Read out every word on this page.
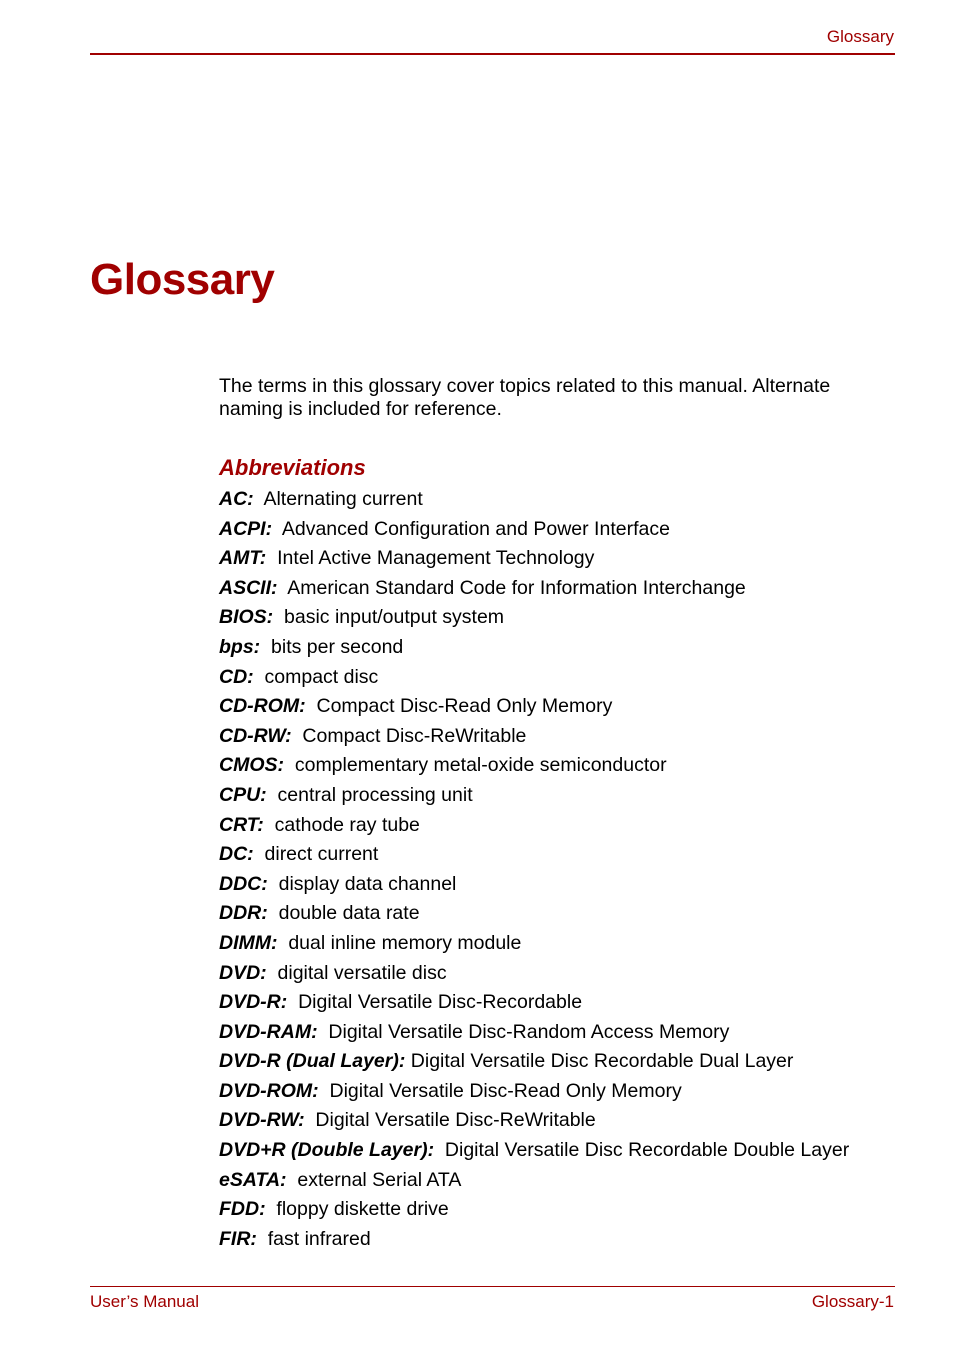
Glossary
Glossary

The terms in this glossary cover topics related to this manual. Alternate naming is included for reference.

Abbreviations
AC: Alternating current
ACPI: Advanced Configuration and Power Interface
AMT: Intel Active Management Technology
ASCII: American Standard Code for Information Interchange
BIOS: basic input/output system
bps: bits per second
CD: compact disc
CD-ROM: Compact Disc-Read Only Memory
CD-RW: Compact Disc-ReWritable
CMOS: complementary metal-oxide semiconductor
CPU: central processing unit
CRT: cathode ray tube
DC: direct current
DDC: display data channel
DDR: double data rate
DIMM: dual inline memory module
DVD: digital versatile disc
DVD-R: Digital Versatile Disc-Recordable
DVD-RAM: Digital Versatile Disc-Random Access Memory
DVD-R (Dual Layer): Digital Versatile Disc Recordable Dual Layer
DVD-ROM: Digital Versatile Disc-Read Only Memory
DVD-RW: Digital Versatile Disc-ReWritable
DVD+R (Double Layer): Digital Versatile Disc Recordable Double Layer
eSATA: external Serial ATA
FDD: floppy diskette drive
FIR: fast infrared
User’s Manual	Glossary-1
